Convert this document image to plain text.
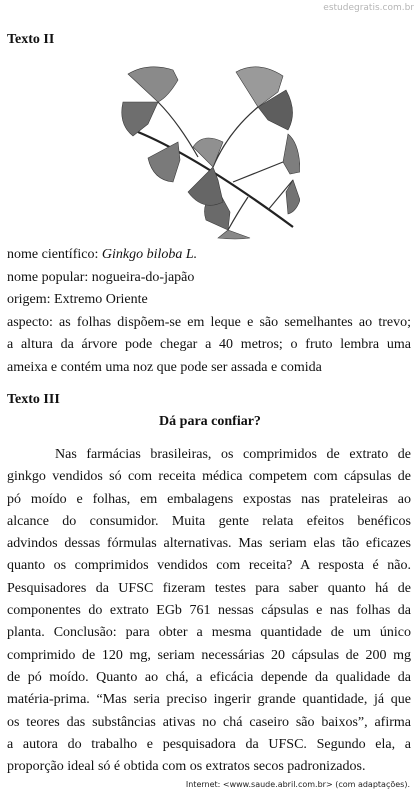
estudegratis.com.br
Texto II
nome científico: Ginkgo biloba L.
nome popular: nogueira-do-japão
origem: Extremo Oriente
aspecto: as folhas dispõem-se em leque e são semelhantes ao trevo;
a altura da árvore pode chegar a 40 metros; o fruto lembra uma
ameixa e contém uma noz que pode ser assada e comida
Texto III
Dá para confiar?
Nas farmácias brasileiras, os comprimidos de extrato de
ginkgo vendidos só com receita médica competem com cápsulas de
pó moído e folhas, em embalagens expostas nas prateleiras ao
alcance do consumidor. Muita gente relata efeitos benéficos
advindos dessas fórmulas alternativas. Mas seriam elas tão eficazes
quanto os comprimidos vendidos com receita? A resposta é não.
Pesquisadores da UFSC fizeram testes para saber quanto há de
componentes do extrato EGb 761 nessas cápsulas e nas folhas da
planta. Conclusão: para obter a mesma quantidade de um único
comprimido de 120 mg, seriam necessárias 20 cápsulas de 200 mg
de pó moído. Quanto ao chá, a eficácia depende da qualidade da
matéria-prima. “Mas seria preciso ingerir grande quantidade, já que
os teores das substâncias ativas no chá caseiro são baixos”, afirma
a autora do trabalho e pesquisadora da UFSC. Segundo ela, a
proporção ideal só é obtida com os extratos secos padronizados.
Internet: <www.saude.abril.com.br> (com adaptações).
